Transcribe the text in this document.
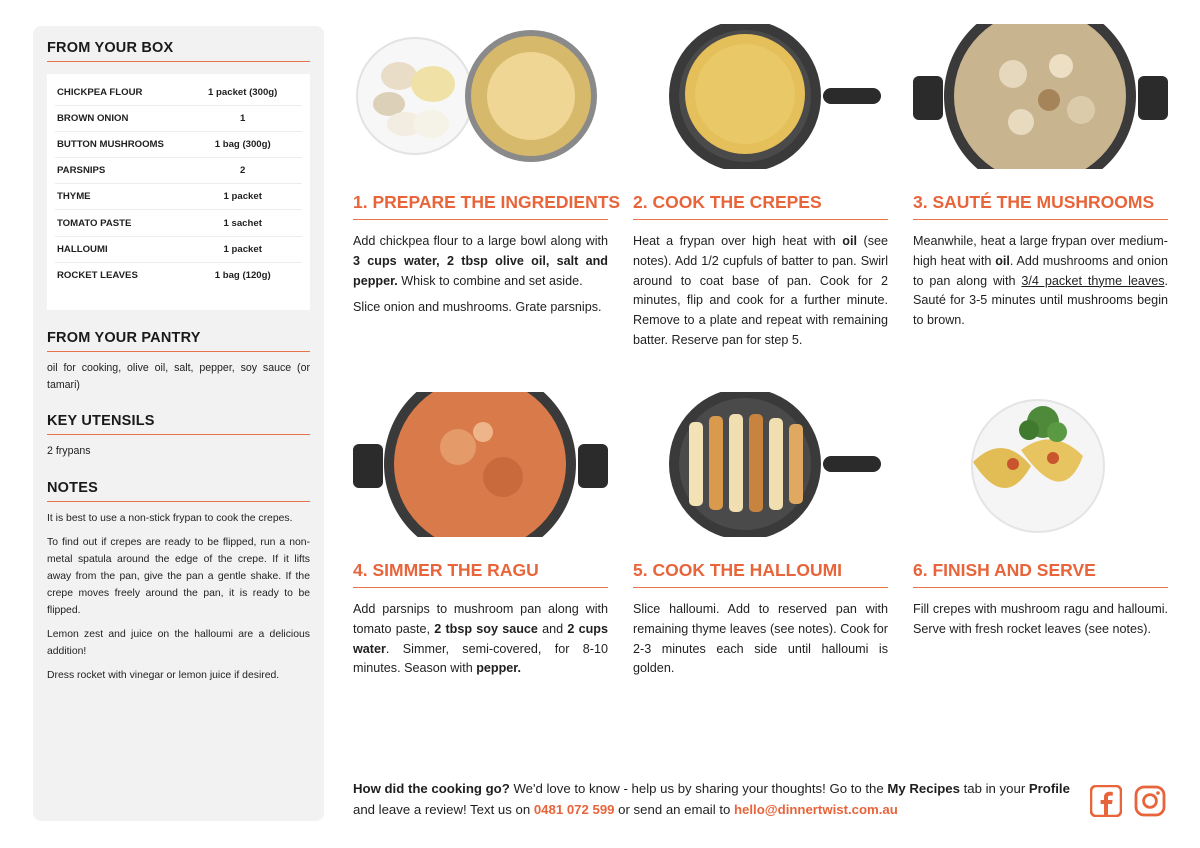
FROM YOUR BOX
CHICKPEA FLOUR	1 packet (300g)
BROWN ONION	1
BUTTON MUSHROOMS	1 bag (300g)
PARSNIPS	2
THYME	1 packet
TOMATO PASTE	1 sachet
HALLOUMI	1 packet
ROCKET LEAVES	1 bag (120g)
FROM YOUR PANTRY
oil for cooking, olive oil, salt, pepper, soy sauce (or tamari)
KEY UTENSILS
2 frypans
NOTES

It is best to use a non-stick frypan to cook the crepes.

To find out if crepes are ready to be flipped, run a non-metal spatula around the edge of the crepe. If it lifts away from the pan, give the pan a gentle shake. If the crepe moves freely around the pan, it is ready to be flipped.

Lemon zest and juice on the halloumi are a delicious addition!

Dress rocket with vinegar or lemon juice if desired.

1. PREPARE THE INGREDIENTS

Add chickpea flour to a large bowl along with 3 cups water, 2 tbsp olive oil, salt and pepper. Whisk to combine and set aside.

Slice onion and mushrooms. Grate parsnips.

2. COOK THE CREPES

Heat a frypan over high heat with oil (see notes). Add 1/2 cupfuls of batter to pan. Swirl around to coat base of pan. Cook for 2 minutes, flip and cook for a further minute. Remove to a plate and repeat with remaining batter. Reserve pan for step 5.

3. SAUTÉ THE MUSHROOMS

Meanwhile, heat a large frypan over medium-high heat with oil. Add mushrooms and onion to pan along with 3/4 packet thyme leaves. Sauté for 3-5 minutes until mushrooms begin to brown.

4. SIMMER THE RAGU

Add parsnips to mushroom pan along with tomato paste, 2 tbsp soy sauce and 2 cups water. Simmer, semi-covered, for 8-10 minutes. Season with pepper.

5. COOK THE HALLOUMI

Slice halloumi. Add to reserved pan with remaining thyme leaves (see notes). Cook for 2-3 minutes each side until halloumi is golden.

6. FINISH AND SERVE

Fill crepes with mushroom ragu and halloumi. Serve with fresh rocket leaves (see notes).

How did the cooking go? We'd love to know - help us by sharing your thoughts! Go to the My Recipes tab in your Profile and leave a review! Text us on 0481 072 599 or send an email to hello@dinnertwist.com.au
